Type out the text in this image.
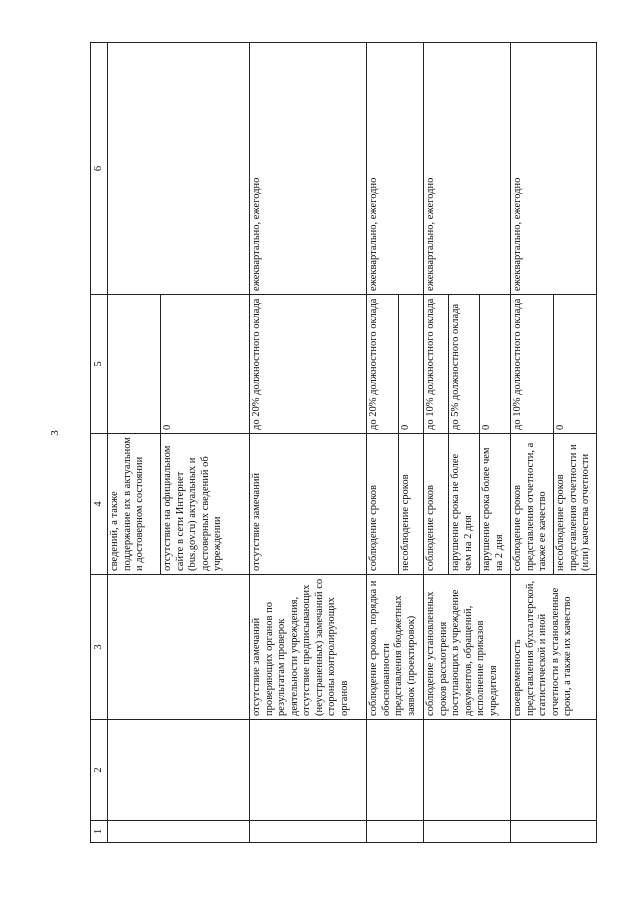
3
1	2	3	4	5	6
			сведений, а также поддержание их в актуальном и достоверном состоянии		
			отсутствие на официальном сайте в сети Интернет (bus.gov.ru) актуальных и достоверных сведений об учреждении	0	
		отсутствие замечаний проверяющих органов по результатам проверок деятельности учреждения, отсутствие предписывающих (неустраненных) замечаний со стороны контролирующих органов	отсутствие замечаний	до 20% должностного оклада	ежеквартально, ежегодно
		соблюдение сроков, порядка и обоснованности представления бюджетных заявок (проектировок)	соблюдение сроков	до 20% должностного оклада	ежеквартально, ежегодно
			несоблюдение сроков	0	
		соблюдение установленных сроков рассмотрения поступающих в учреждение документов, обращений, исполнение приказов учредителя	соблюдение сроков	до 10% должностного оклада	ежеквартально, ежегодно
			нарушение срока не более чем на 2 дня	до 5% должностного оклада	
			нарушение срока более чем на 2 дня	0	
		своевременность представления бухгалтерской, статистической и иной отчетности в установленные сроки, а также их качество	соблюдение сроков представления отчетности, а также ее качество	до 10% должностного оклада	ежеквартально, ежегодно
			несоблюдение сроков представления отчетности и (или) качества отчетности	0	
